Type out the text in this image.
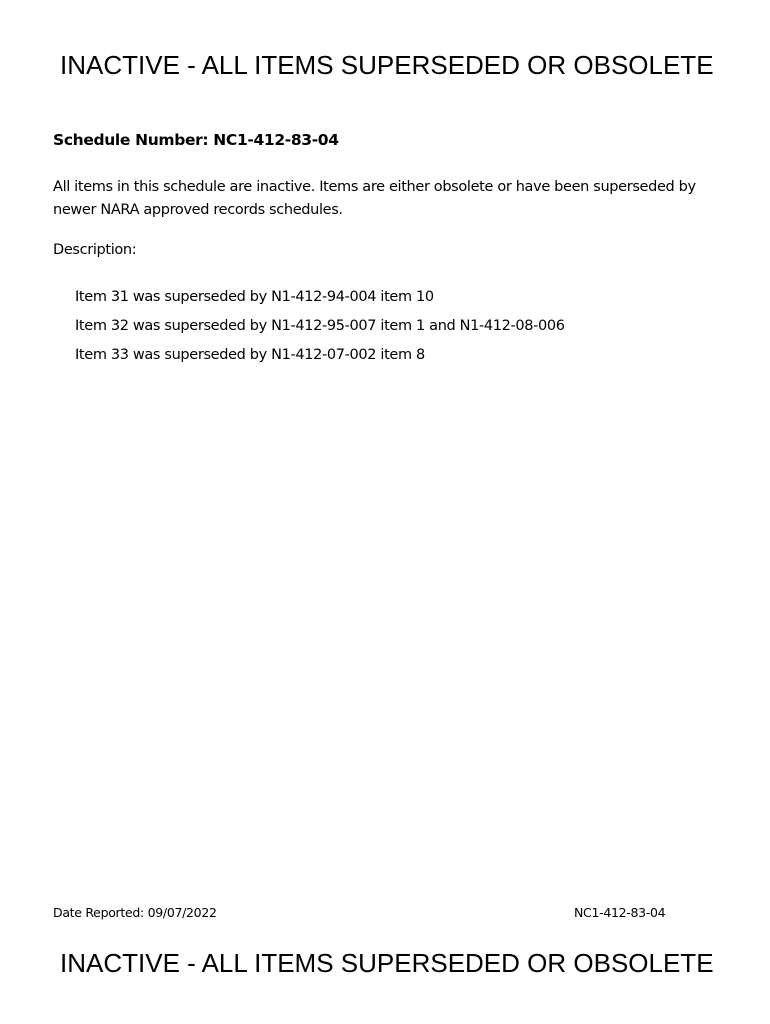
INACTIVE - ALL ITEMS SUPERSEDED OR OBSOLETE
Schedule Number: NC1-412-83-04
All items in this schedule are inactive. Items are either obsolete or have been superseded by newer NARA approved records schedules.
Description:
Item 31 was superseded by N1-412-94-004 item 10
Item 32 was superseded by N1-412-95-007 item 1 and N1-412-08-006
Item 33 was superseded by N1-412-07-002 item 8
Date Reported: 09/07/2022	NC1-412-83-04
INACTIVE - ALL ITEMS SUPERSEDED OR OBSOLETE
